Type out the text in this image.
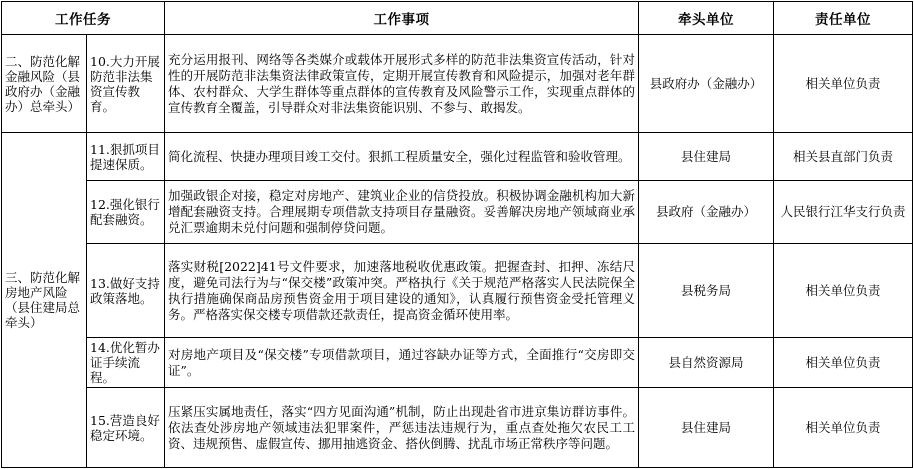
工作任务		工作事项	牵头单位	责任单位
二、防范化解金融风险（县政府办（金融办）总牵头）	10.大力开展防范非法集资宣传教育。	充分运用报刊、网络等各类媒介或载体开展形式多样的防范非法集资宣传活动，针对性的开展防范非法集资法律政策宣传，定期开展宣传教育和风险提示，加强对老年群体、农村群众、大学生群体等重点群体的宣传教育及风险警示工作，实现重点群体的宣传教育全覆盖，引导群众对非法集资能识别、不参与、敢揭发。	县政府办（金融办）	相关单位负责
三、防范化解房地产风险（县住建局总牵头）	11.狠抓项目提速保质。	简化流程、快捷办理项目竣工交付。狠抓工程质量安全，强化过程监管和验收管理。	县住建局	相关县直部门负责
	12.强化银行配套融资。	加强政银企对接，稳定对房地产、建筑业企业的信贷投放。积极协调金融机构加大新增配套融资支持。合理展期专项借款支持项目存量融资。妥善解决房地产领域商业承兑汇票逾期未兑付问题和强制停贷问题。	县政府（金融办）	人民银行江华支行负责
	13.做好支持政策落地。	落实财税[2022]41号文件要求，加速落地税收优惠政策。把握查封、扣押、冻结尺度，避免司法行为与“保交楼”政策冲突。严格执行《关于规范严格落实人民法院保全执行措施确保商品房预售资金用于项目建设的通知》，认真履行预售资金受托管理义务。严格落实保交楼专项借款还款责任，提高资金循环使用率。	县税务局	相关单位负责
	14.优化暂办证手续流程。	对房地产项目及“保交楼”专项借款项目，通过容缺办证等方式，全面推行“交房即交证”。	县自然资源局	相关单位负责
	15.营造良好稳定环境。	压紧压实属地责任，落实“四方见面沟通”机制，防止出现赴省市进京集访群访事件。依法查处涉房地产领域违法犯罪案件，严惩违法违规行为，重点查处拖欠农民工工资、违规预售、虚假宣传、挪用抽逃资金、搭伙倒腾、扰乱市场正常秩序等问题。	县住建局	相关单位负责
